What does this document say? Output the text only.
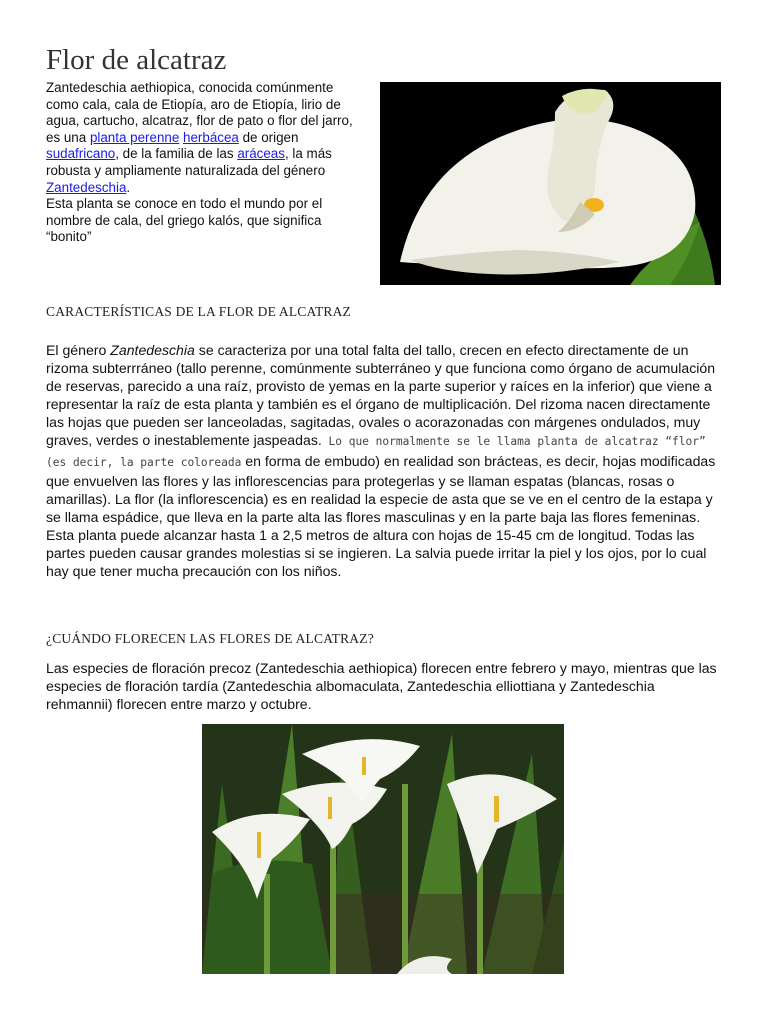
Flor de alcatraz
Zantedeschia aethiopica, conocida comúnmente como cala, cala de Etiopía, aro de Etiopía, lirio de agua, cartucho, alcatraz, flor de pato o flor del jarro, es una planta perenne herbácea de origen sudafricano, de la familia de las aráceas, la más robusta y ampliamente naturalizada del género Zantedeschia.
Esta planta se conoce en todo el mundo por el nombre de cala, del griego kalós, que significa “bonito”
CARACTERÍSTICAS DE LA FLOR DE ALCATRAZ
El género Zantedeschia se caracteriza por una total falta del tallo, crecen en efecto directamente de un rizoma subterrráneo (tallo perenne, comúnmente subterráneo y que funciona como órgano de acumulación de reservas, parecido a una raíz, provisto de yemas en la parte superior y raíces en la inferior) que viene a representar la raíz de esta planta y también es el órgano de multiplicación. Del rizoma nacen directamente las hojas que pueden ser lanceoladas, sagitadas, ovales o acorazonadas con márgenes ondulados, muy graves, verdes o inestablemente jaspeadas. Lo que normalmente se le llama planta de alcatraz “flor” (es decir, la parte coloreada en forma de embudo) en realidad son brácteas, es decir, hojas modificadas que envuelven las flores y las inflorescencias para protegerlas y se llaman espatas (blancas, rosas o amarillas). La flor (la inflorescencia) es en realidad la especie de asta que se ve en el centro de la estapa y se llama espádice, que lleva en la parte alta las flores masculinas y en la parte baja las flores femeninas. Esta planta puede alcanzar hasta 1 a 2,5 metros de altura con hojas de 15-45 cm de longitud. Todas las partes pueden causar grandes molestias si se ingieren. La salvia puede irritar la piel y los ojos, por lo cual hay que tener mucha precaución con los niños.
¿CUÁNDO FLORECEN LAS FLORES DE ALCATRAZ?
Las especies de floración precoz (Zantedeschia aethiopica) florecen entre febrero y mayo, mientras que las especies de floración tardía (Zantedeschia albomaculata, Zantedeschia elliottiana y Zantedeschia rehmannii) florecen entre marzo y octubre.
